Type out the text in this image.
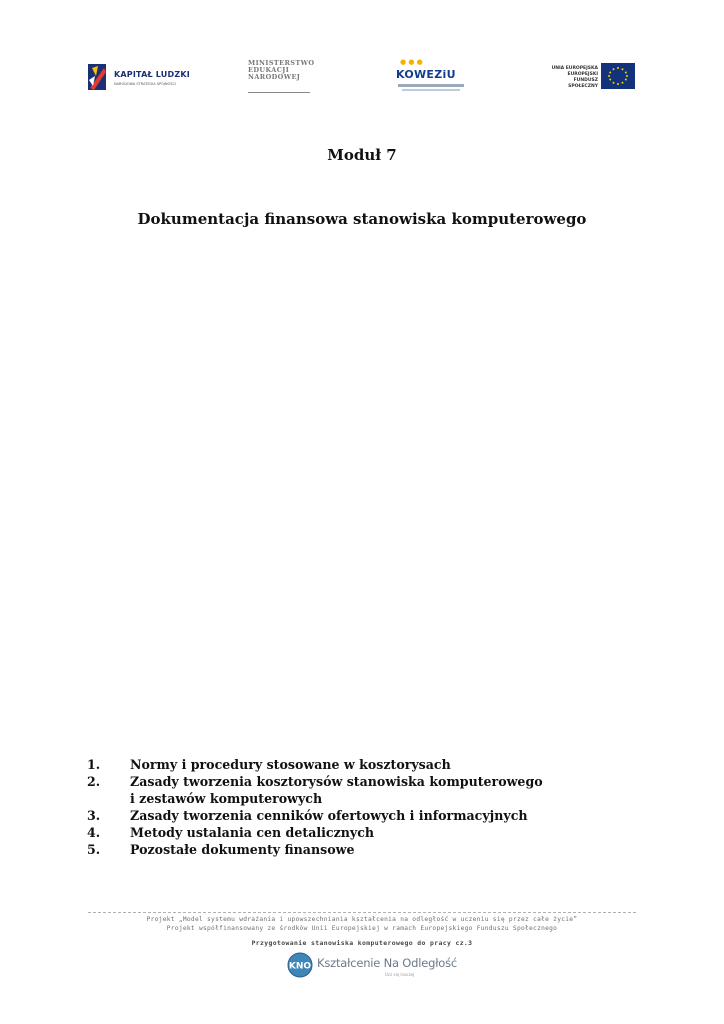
KAPITAŁ LUDZKI
NARODOWA STRATEGIA SPÓJNOŚCI
MINISTERSTWO
EDUKACJI
NARODOWEJ
● ● ●
KOWEZiU	UNIA EUROPEJSKA
EUROPEJSKI
FUNDUSZ SPOŁECZNY
Moduł 7
Dokumentacja finansowa stanowiska komputerowego
1. Normy i procedury stosowane w kosztorysach
2. Zasady tworzenia kosztorysów stanowiska komputerowego
i zestawów komputerowych
3. Zasady tworzenia cenników ofertowych i informacyjnych
4. Metody ustalania cen detalicznych
5. Pozostałe dokumenty finansowe
Projekt „Model systemu wdrażania i upowszechniania kształcenia na odległość w uczeniu się przez całe życie”
Projekt współfinansowany ze środków Unii Europejskiej w ramach Europejskiego Funduszu Społecznego
Przygotowanie stanowiska komputerowego do pracy cz.3
KNO Kształcenie Na Odległość
Ucz się inaczej
